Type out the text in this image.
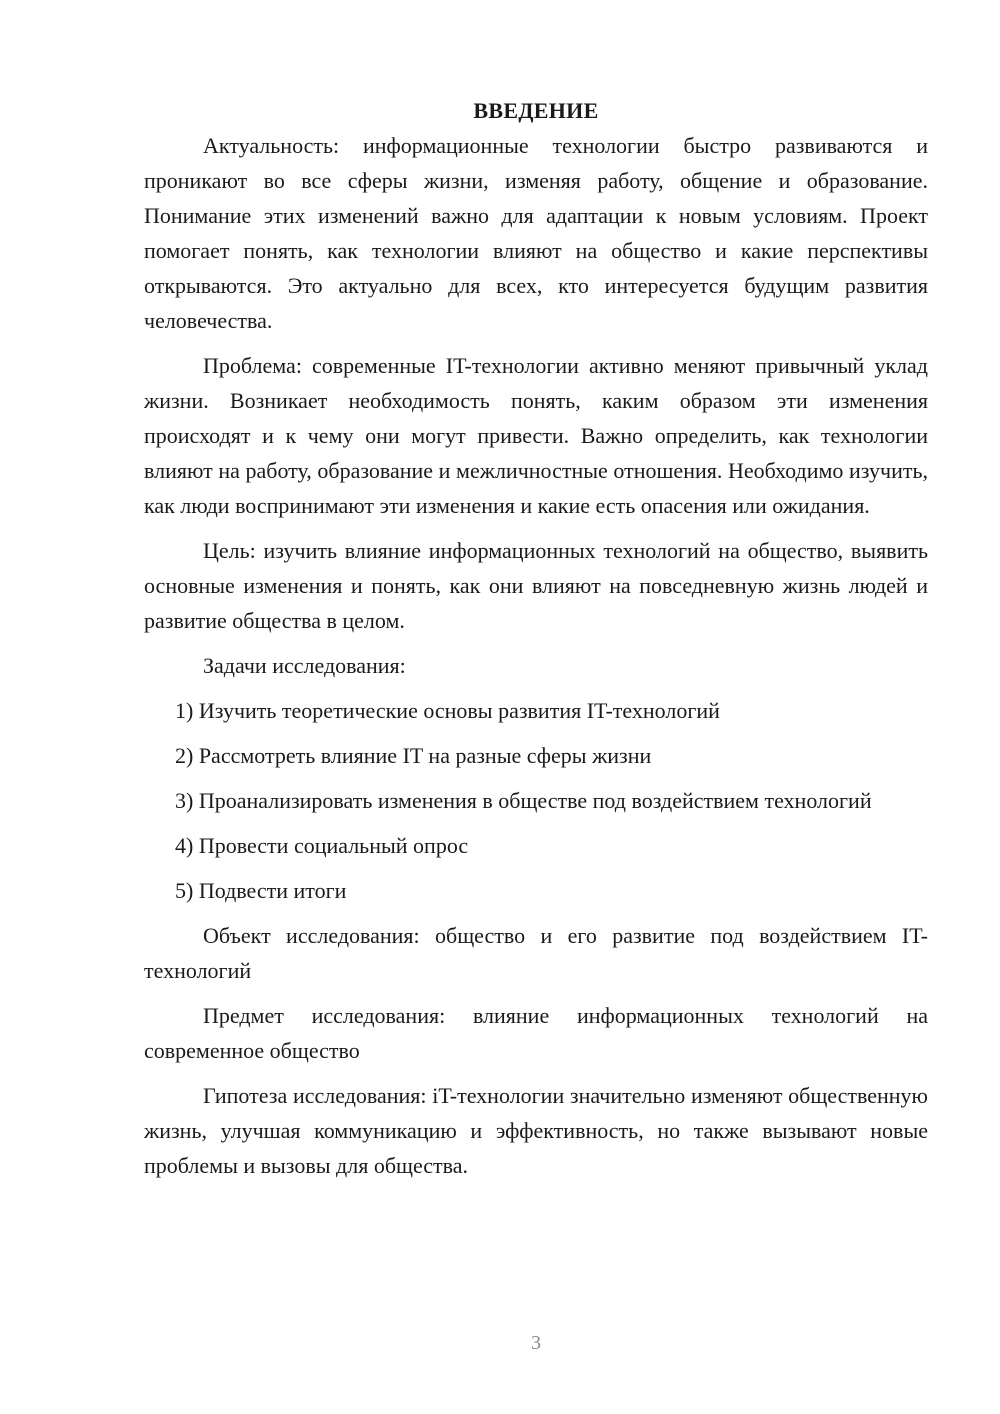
ВВЕДЕНИЕ

Актуальность: информационные технологии быстро развиваются и проникают во все сферы жизни, изменяя работу, общение и образование. Понимание этих изменений важно для адаптации к новым условиям. Проект помогает понять, как технологии влияют на общество и какие перспективы открываются. Это актуально для всех, кто интересуется будущим развития человечества.

Проблема: современные IT-технологии активно меняют привычный уклад жизни. Возникает необходимость понять, каким образом эти изменения происходят и к чему они могут привести. Важно определить, как технологии влияют на работу, образование и межличностные отношения. Необходимо изучить, как люди воспринимают эти изменения и какие есть опасения или ожидания.

Цель: изучить влияние информационных технологий на общество, выявить основные изменения и понять, как они влияют на повседневную жизнь людей и развитие общества в целом.

Задачи исследования:

1) Изучить теоретические основы развития IT-технологий

2) Рассмотреть влияние IT на разные сферы жизни

3) Проанализировать изменения в обществе под воздействием технологий

4) Провести социальный опрос

5) Подвести итоги

Объект исследования: общество и его развитие под воздействием IT-технологий

Предмет исследования: влияние информационных технологий на современное общество

Гипотеза исследования: iT-технологии значительно изменяют общественную жизнь, улучшая коммуникацию и эффективность, но также вызывают новые проблемы и вызовы для общества.

3
